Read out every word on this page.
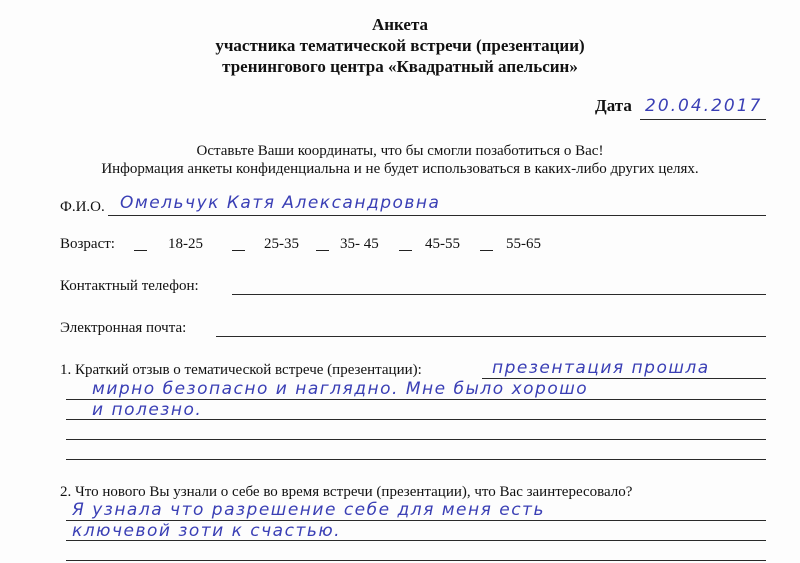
Анкета
участника тематической встречи (презентации)
тренингового центра «Квадратный апельсин»
Дата 20.04.2017
Оставьте Ваши координаты, что бы смогли позаботиться о Вас!
Информация анкеты конфиденциальна и не будет использоваться в каких-либо других целях.
Ф.И.О. Омельчук Катя Александровна
Возраст:	18-25	25-35	35- 45	45-55	55-65
Контактный телефон:
Электронная почта:
1. Краткий отзыв о тематической встрече (презентации):	презентация прошла
мирно безопасно и наглядно. Мне было хорошо
и полезно.
2. Что нового Вы узнали о себе во время встречи (презентации), что Вас заинтересовало?
Я узнала что разрешение себе для меня есть
ключевой зоти к счастью.
